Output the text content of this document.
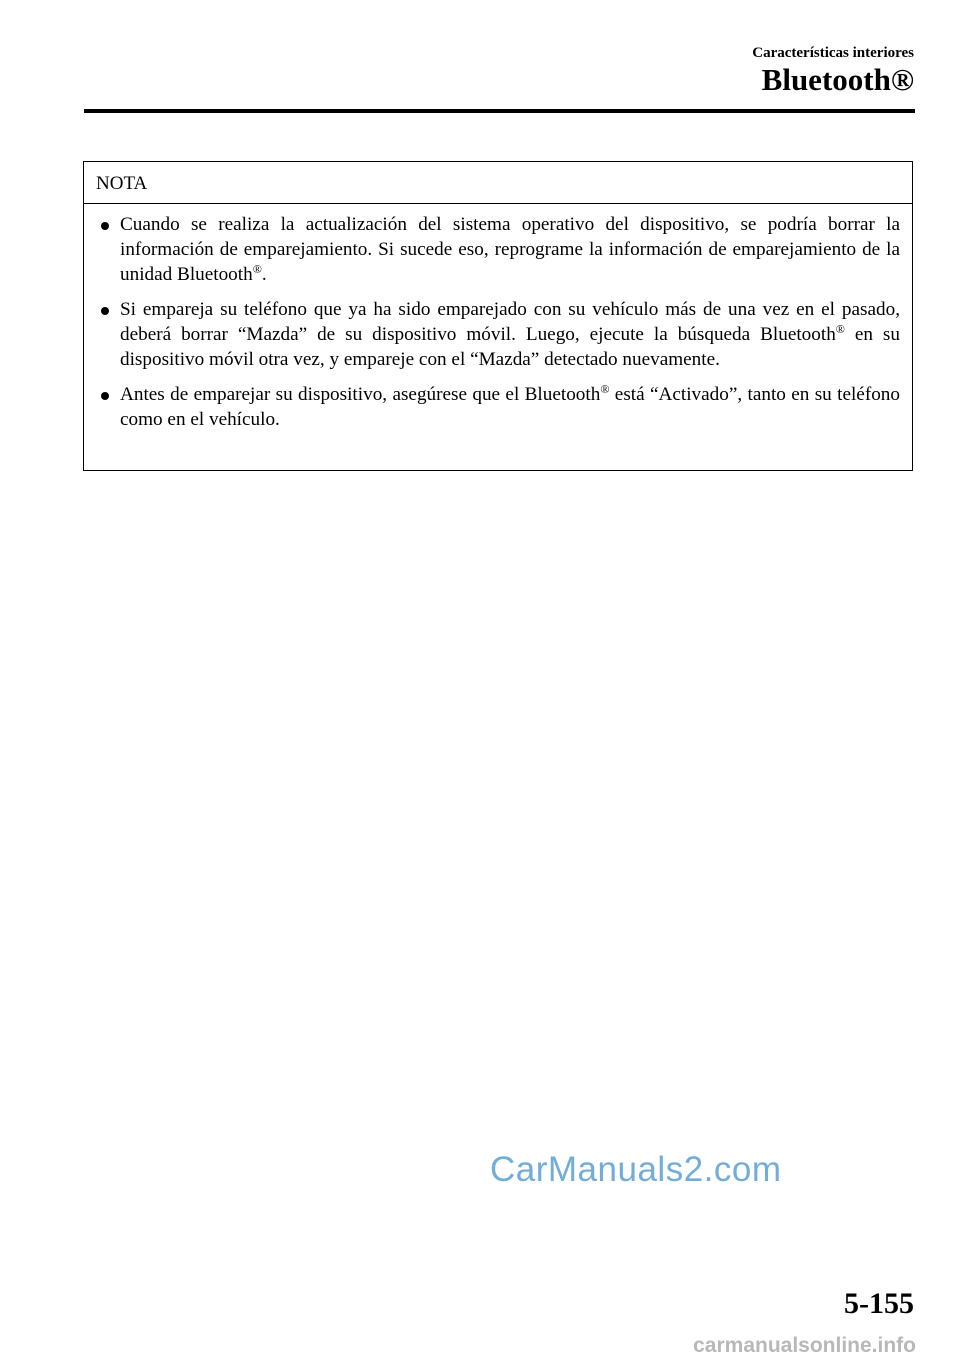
Características interiores
Bluetooth®
NOTA
Cuando se realiza la actualización del sistema operativo del dispositivo, se podría borrar la información de emparejamiento. Si sucede eso, reprograme la información de emparejamiento de la unidad Bluetooth®.
Si empareja su teléfono que ya ha sido emparejado con su vehículo más de una vez en el pasado, deberá borrar “Mazda” de su dispositivo móvil. Luego, ejecute la búsqueda Bluetooth® en su dispositivo móvil otra vez, y empareje con el “Mazda” detectado nuevamente.
Antes de emparejar su dispositivo, asegúrese que el Bluetooth® está “Activado”, tanto en su teléfono como en el vehículo.
CarManuals2.com
5-155
carmanualsonline.info
